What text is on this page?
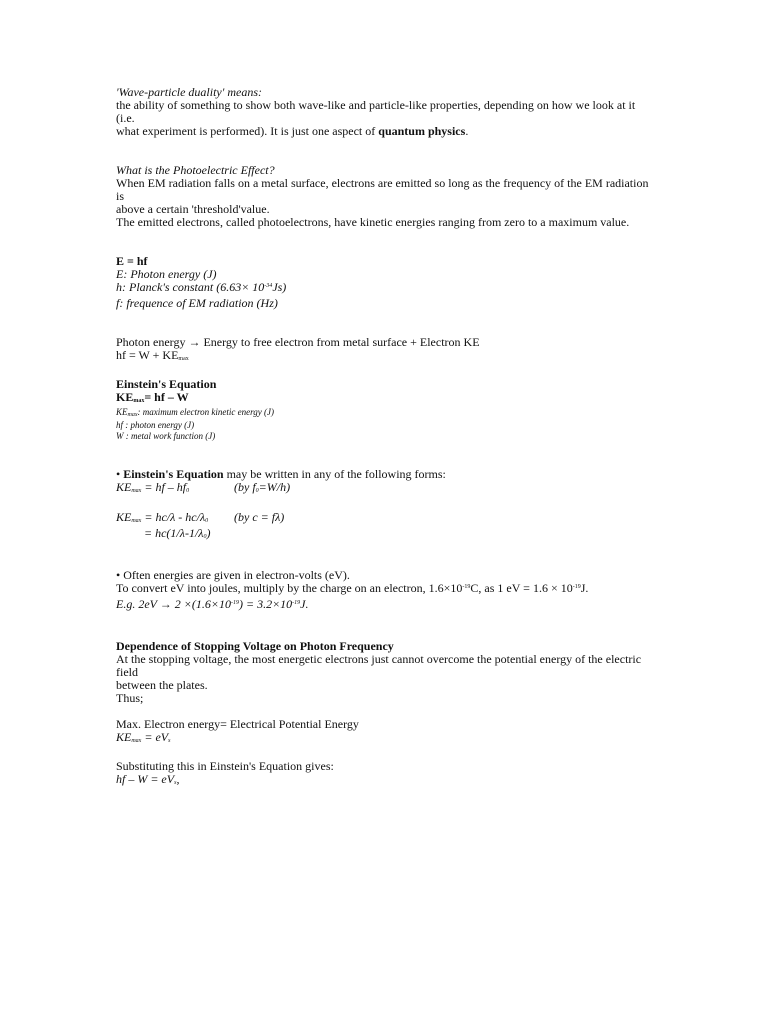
'Wave-particle duality' means:

the ability of something to show both wave-like and particle-like properties, depending on how we look at it (i.e.

what experiment is performed). It is just one aspect of quantum physics.

What is the Photoelectric Effect?

When EM radiation falls on a metal surface, electrons are emitted so long as the frequency of the EM radiation is

above a certain 'threshold'value.

The emitted electrons, called photoelectrons, have kinetic energies ranging from zero to a maximum value.

E = hf

E: Photon energy (J)

h: Planck's constant $(6.63\times 10^{-34}Js)$

f: frequence of EM radiation (Hz)

Photon energy → Energy to free electron from metal surface + Electron KE

hf = W + KEmax

Einstein's Equation

KEmax= hf – W

KEmax: maximum electron kinetic energy (J)

hf : photon energy (J)

W : metal work function (J)

• Einstein's Equation may be written in any of the following forms:

KEmax = hf – hf0	(by f0=W/h)

KEmax = hc/λ - hc/λ0 (by c = fλ)

= hc(1/λ-1/λ0)

• Often energies are given in electron-volts (eV).

To convert eV into joules, multiply by the charge on an electron, $1.6\times 10^{-19}C$, as 1 eV = $1.6 \times 10^{-19}J$.

E.g. $2eV \to 2 \times(1.6\times 10^{-19}) = 3.2\times 10^{-19}J$.

Dependence of Stopping Voltage on Photon Frequency

At the stopping voltage, the most energetic electrons just cannot overcome the potential energy of the electric field

between the plates.

Thus;

Max. Electron energy= Electrical Potential Energy

KEmax = eVs

Substituting this in Einstein's Equation gives:

hf – W = eVs,
